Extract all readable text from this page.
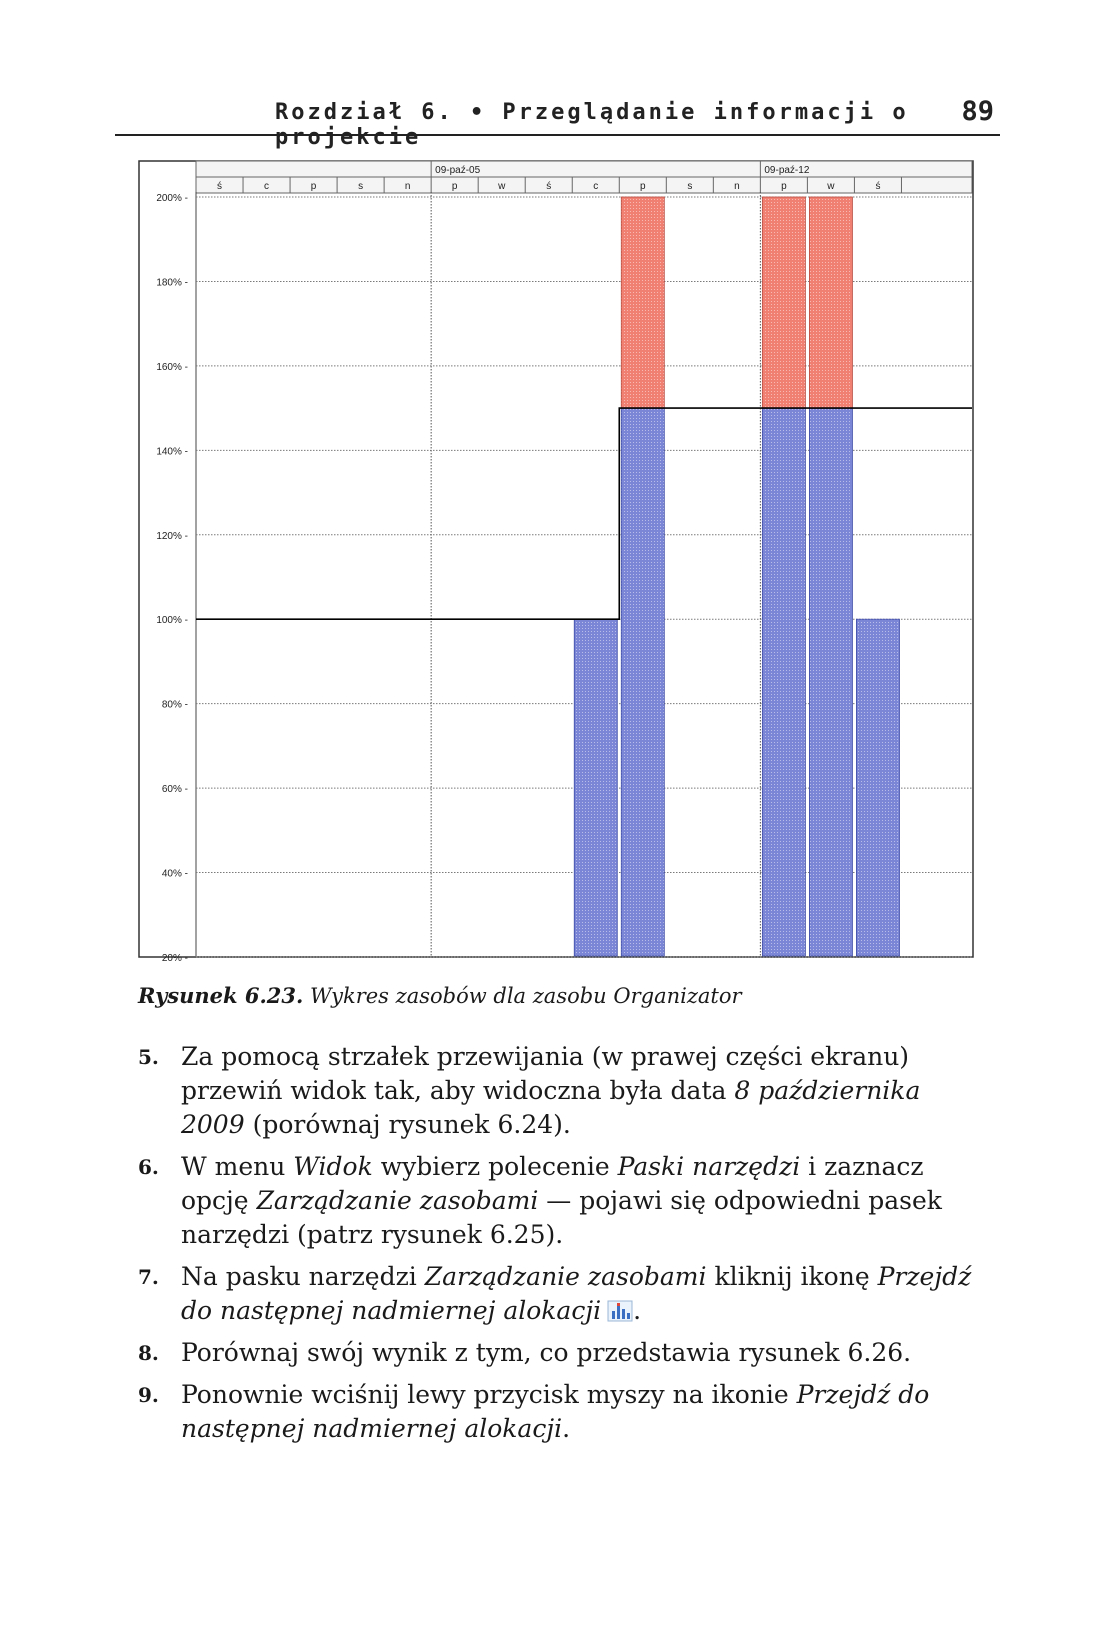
Rozdział 6. • Przeglądanie informacji o projekcie
89
09-paź-05	09-paź-12
ś	c	p	s	n	p	w	ś	c	p	s	n	p	w	ś
200% -
180% -
160% -
140% -
120% -
100% -
80% -
60% -
40% -
20% -
Rysunek 6.23. Wykres zasobów dla zasobu Organizator
5. Za pomocą strzałek przewijania (w prawej części ekranu) przewiń widok tak, aby widoczna była data 8 października 2009 (porównaj rysunek 6.24).
6. W menu Widok wybierz polecenie Paski narzędzi i zaznacz opcję Zarządzanie zasobami — pojawi się odpowiedni pasek narzędzi (patrz rysunek 6.25).
7. Na pasku narzędzi Zarządzanie zasobami kliknij ikonę Przejdź do następnej nadmiernej alokacji .
8. Porównaj swój wynik z tym, co przedstawia rysunek 6.26.
9. Ponownie wciśnij lewy przycisk myszy na ikonie Przejdź do następnej nadmiernej alokacji.
